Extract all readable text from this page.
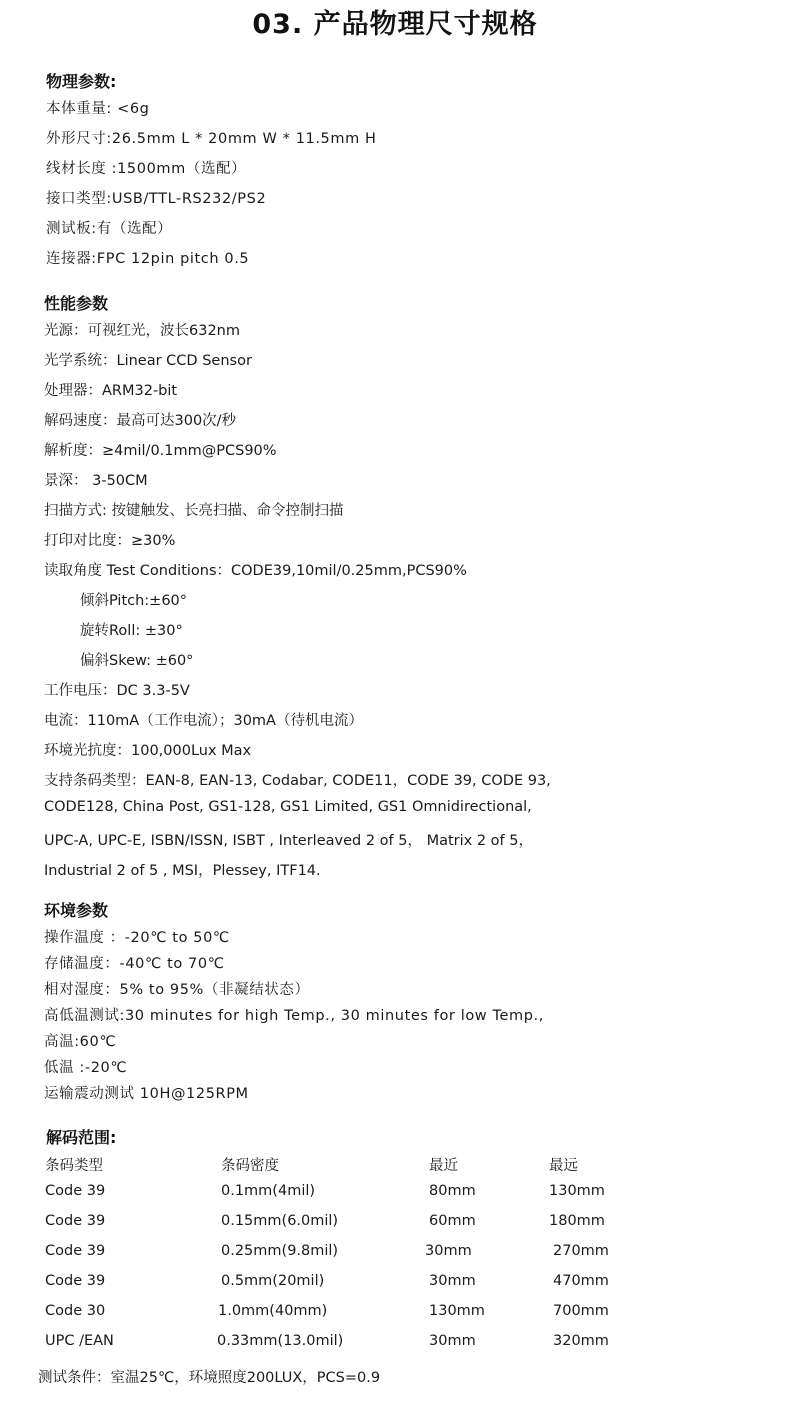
03. 产品物理尺寸规格
物理参数:
本体重量: <6g
外形尺寸:26.5mm L * 20mm W * 11.5mm H
线材长度 :1500mm（选配）
接口类型:USB/TTL-RS232/PS2
测试板:有（选配）
连接器:FPC 12pin pitch 0.5
性能参数
光源：可视红光，波长632nm
光学系统：Linear CCD Sensor
处理器：ARM32-bit
解码速度：最高可达300次/秒
解析度：≥4mil/0.1mm@PCS90%
景深： 3-50CM
扫描方式: 按键触发、长亮扫描、命令控制扫描
打印对比度：≥30%
读取角度 Test Conditions：CODE39,10mil/0.25mm,PCS90%
倾斜Pitch:±60°
旋转Roll: ±30°
偏斜Skew: ±60°
工作电压：DC 3.3-5V
电流：110mA（工作电流）；30mA（待机电流）
环境光抗度：100,000Lux Max
支持条码类型：EAN-8, EAN-13, Codabar, CODE11，CODE 39, CODE 93,
CODE128, China Post, GS1-128, GS1 Limited, GS1 Omnidirectional,
UPC-A, UPC-E, ISBN/ISSN, ISBT , Interleaved 2 of 5， Matrix 2 of 5，
Industrial 2 of 5 , MSI，Plessey, ITF14.
环境参数
操作温度 ：-20℃ to 50℃
存储温度：-40℃ to 70℃
相对湿度：5% to 95%（非凝结状态）
高低温测试:30 minutes for high Temp., 30 minutes for low Temp.,
高温:60℃
低温 :-20℃
运输震动测试 10H@125RPM
解码范围:
条码类型	条码密度	最近	最远
Code 39	0.1mm(4mil)	80mm	130mm
Code 39	0.15mm(6.0mil)	60mm	180mm
Code 39	0.25mm(9.8mil)	30mm	270mm
Code 39	0.5mm(20mil)	30mm	470mm
Code 30	1.0mm(40mm)	130mm	700mm
UPC /EAN	0.33mm(13.0mil)	30mm	320mm
测试条件：室温25℃，环境照度200LUX，PCS=0.9
